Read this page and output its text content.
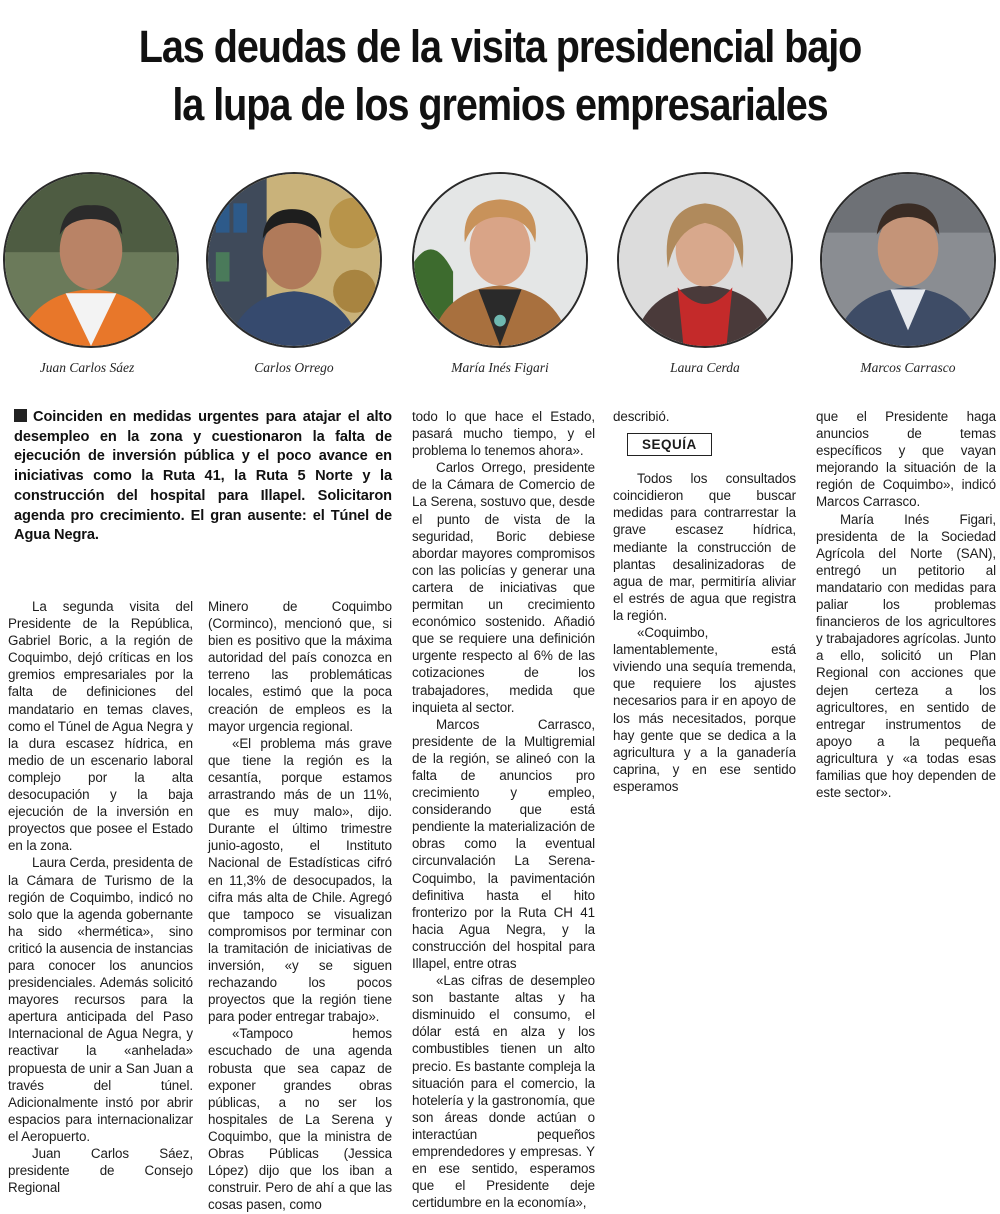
Las deudas de la visita presidencial bajo
la lupa de los gremios empresariales
Juan Carlos Sáez	Carlos Orrego	María Inés Figari	Laura Cerda	Marcos Carrasco
Coinciden en medidas urgentes para atajar el alto desempleo en la zona y cuestionaron la falta de ejecución de inversión pública y el poco avance en iniciativas como la Ruta 41, la Ruta 5 Norte y la construcción del hospital para Illapel. Solicitaron agenda pro crecimiento. El gran ausente: el Túnel de Agua Negra.

La segunda visita del Presidente de la República, Gabriel Boric, a la región de Coquimbo, dejó críticas en los gremios empresariales por la falta de definiciones del mandatario en temas claves, como el Túnel de Agua Negra y la dura escasez hídrica, en medio de un escenario laboral complejo por la alta desocupación y la baja ejecución de la inversión en proyectos que posee el Estado en la zona.

Laura Cerda, presidenta de la Cámara de Turismo de la región de Coquimbo, indicó no solo que la agenda gobernante ha sido «hermética», sino criticó la ausencia de instancias para conocer los anuncios presidenciales. Además solicitó mayores recursos para la apertura anticipada del Paso Internacional de Agua Negra, y reactivar la «anhelada» propuesta de unir a San Juan a través del túnel. Adicionalmente instó por abrir espacios para internacionalizar el Aeropuerto.

Juan Carlos Sáez, presidente de Consejo Regional

Minero de Coquimbo (Corminco), mencionó que, si bien es positivo que la máxima autoridad del país conozca en terreno las problemáticas locales, estimó que la poca creación de empleos es la mayor urgencia regional.

«El problema más grave que tiene la región es la cesantía, porque estamos arrastrando más de un 11%, que es muy malo», dijo. Durante el último trimestre junio-agosto, el Instituto Nacional de Estadísticas cifró en 11,3% de desocupados, la cifra más alta de Chile. Agregó que tampoco se visualizan compromisos por terminar con la tramitación de iniciativas de inversión, «y se siguen rechazando los pocos proyectos que la región tiene para poder entregar trabajo».

«Tampoco hemos escuchado de una agenda robusta que sea capaz de exponer grandes obras públicas, a no ser los hospitales de La Serena y Coquimbo, que la ministra de Obras Públicas (Jessica López) dijo que los iban a construir. Pero de ahí a que las cosas pasen, como

todo lo que hace el Estado, pasará mucho tiempo, y el problema lo tenemos ahora».

Carlos Orrego, presidente de la Cámara de Comercio de La Serena, sostuvo que, desde el punto de vista de la seguridad, Boric debiese abordar mayores compromisos con las policías y generar una cartera de iniciativas que permitan un crecimiento económico sostenido. Añadió que se requiere una definición urgente respecto al 6% de las cotizaciones de los trabajadores, medida que inquieta al sector.

Marcos Carrasco, presidente de la Multigremial de la región, se alineó con la falta de anuncios pro crecimiento y empleo, considerando que está pendiente la materialización de obras como la eventual circunvalación La Serena-Coquimbo, la pavimentación definitiva hasta el hito fronterizo por la Ruta CH 41 hacia Agua Negra, y la construcción del hospital para Illapel, entre otras

«Las cifras de desempleo son bastante altas y ha disminuido el consumo, el dólar está en alza y los combustibles tienen un alto precio. Es bastante compleja la situación para el comercio, la hotelería y la gastronomía, que son áreas donde actúan o interactúan pequeños emprendedores y empresas. Y en ese sentido, esperamos que el Presidente deje certidumbre en la economía»,

describió.

SEQUÍA

Todos los consultados coincidieron que buscar medidas para contrarrestar la grave escasez hídrica, mediante la construcción de plantas desalinizadoras de agua de mar, permitiría aliviar el estrés de agua que registra la región.

«Coquimbo, lamentablemente, está viviendo una sequía tremenda, que requiere los ajustes necesarios para ir en apoyo de los más necesitados, porque hay gente que se dedica a la agricultura y a la ganadería caprina, y en ese sentido esperamos

que el Presidente haga anuncios de temas específicos y que vayan mejorando la situación de la región de Coquimbo», indicó Marcos Carrasco.

María Inés Figari, presidenta de la Sociedad Agrícola del Norte (SAN), entregó un petitorio al mandatario con medidas para paliar los problemas financieros de los agricultores y trabajadores agrícolas. Junto a ello, solicitó un Plan Regional con acciones que dejen certeza a los agricultores, en sentido de entregar instrumentos de apoyo a la pequeña agricultura y «a todas esas familias que hoy dependen de este sector».
